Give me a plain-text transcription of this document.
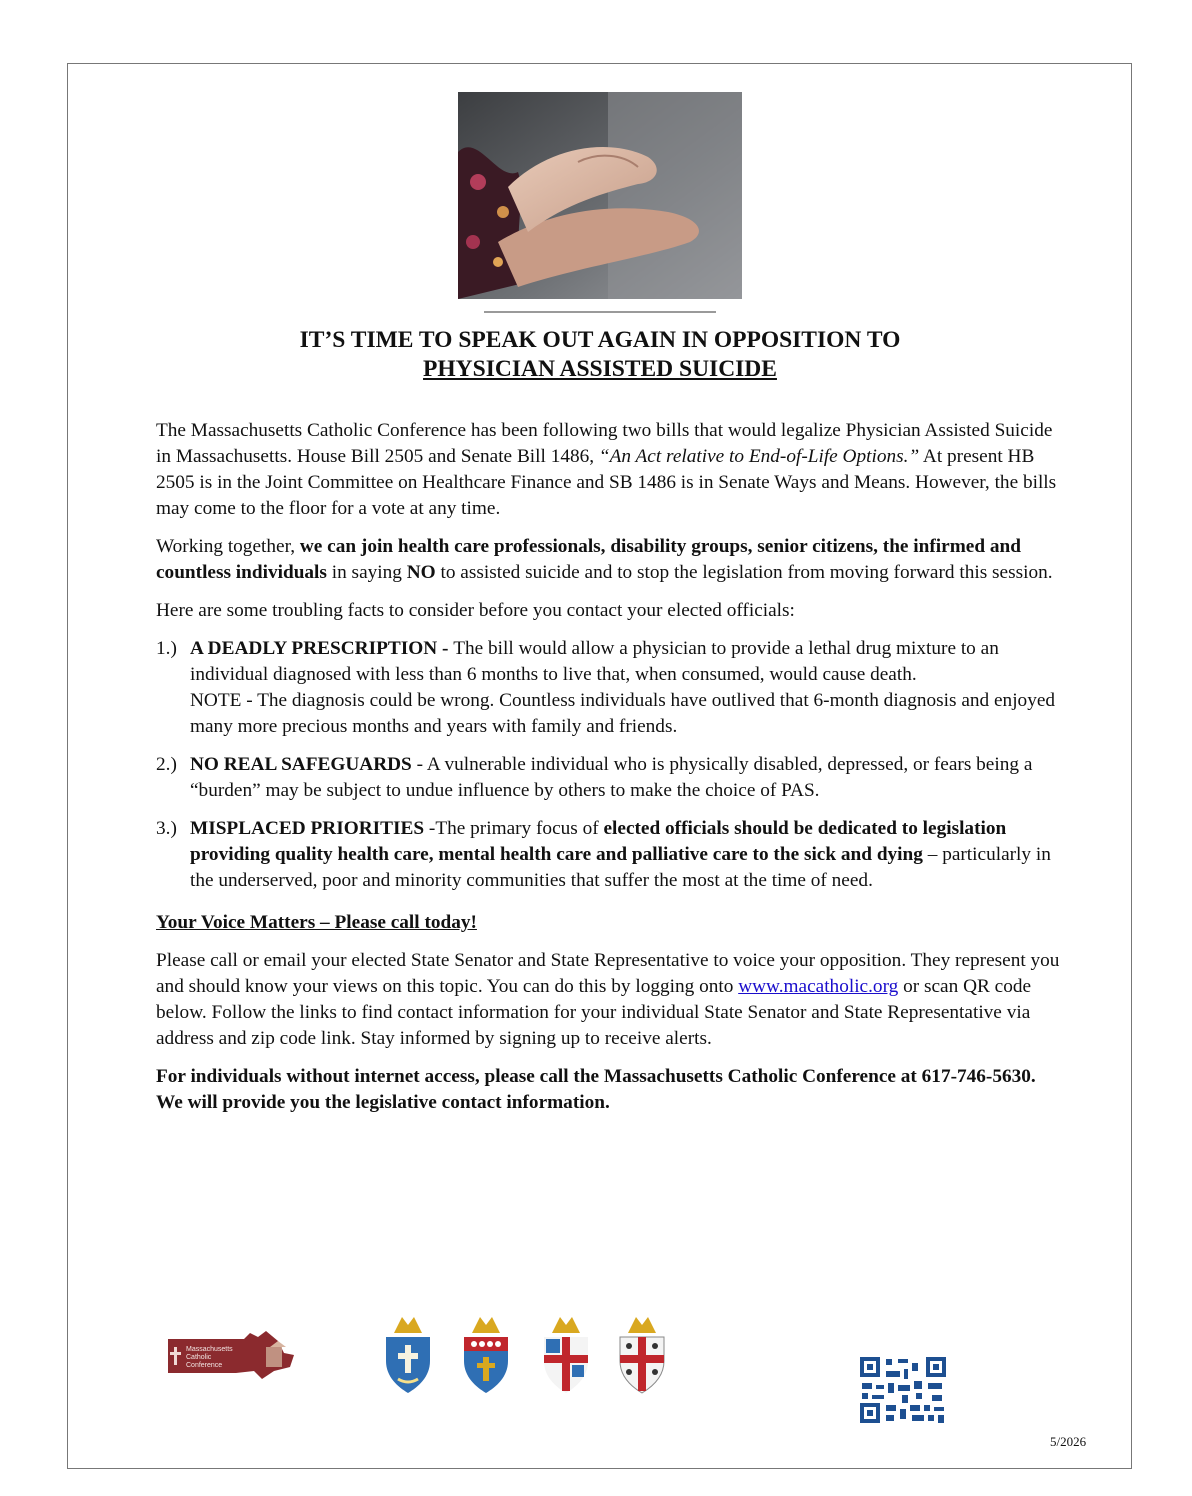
IT’S TIME TO SPEAK OUT AGAIN IN OPPOSITION TO
PHYSICIAN ASSISTED SUICIDE

The Massachusetts Catholic Conference has been following two bills that would legalize Physician Assisted Suicide in Massachusetts. House Bill 2505 and Senate Bill 1486, “An Act relative to End-of-Life Options.” At present HB 2505 is in the Joint Committee on Healthcare Finance and SB 1486 is in Senate Ways and Means. However, the bills may come to the floor for a vote at any time.

Working together, we can join health care professionals, disability groups, senior citizens, the infirmed and countless individuals in saying NO to assisted suicide and to stop the legislation from moving forward this session.

Here are some troubling facts to consider before you contact your elected officials:

1.) A DEADLY PRESCRIPTION - The bill would allow a physician to provide a lethal drug mixture to an individual diagnosed with less than 6 months to live that, when consumed, would cause death.
NOTE - The diagnosis could be wrong. Countless individuals have outlived that 6-month diagnosis and enjoyed many more precious months and years with family and friends.
2.) NO REAL SAFEGUARDS - A vulnerable individual who is physically disabled, depressed, or fears being a “burden” may be subject to undue influence by others to make the choice of PAS.
3.) MISPLACED PRIORITIES -The primary focus of elected officials should be dedicated to legislation providing quality health care, mental health care and palliative care to the sick and dying – particularly in the underserved, poor and minority communities that suffer the most at the time of need.

Your Voice Matters – Please call today!

Please call or email your elected State Senator and State Representative to voice your opposition. They represent you and should know your views on this topic. You can do this by logging onto www.macatholic.org or scan QR code below. Follow the links to find contact information for your individual State Senator and State Representative via address and zip code link. Stay informed by signing up to receive alerts.

For individuals without internet access, please call the Massachusetts Catholic Conference at 617-746-5630. We will provide you the legislative contact information.

Massachusetts
Catholic
Conference
5/2026
